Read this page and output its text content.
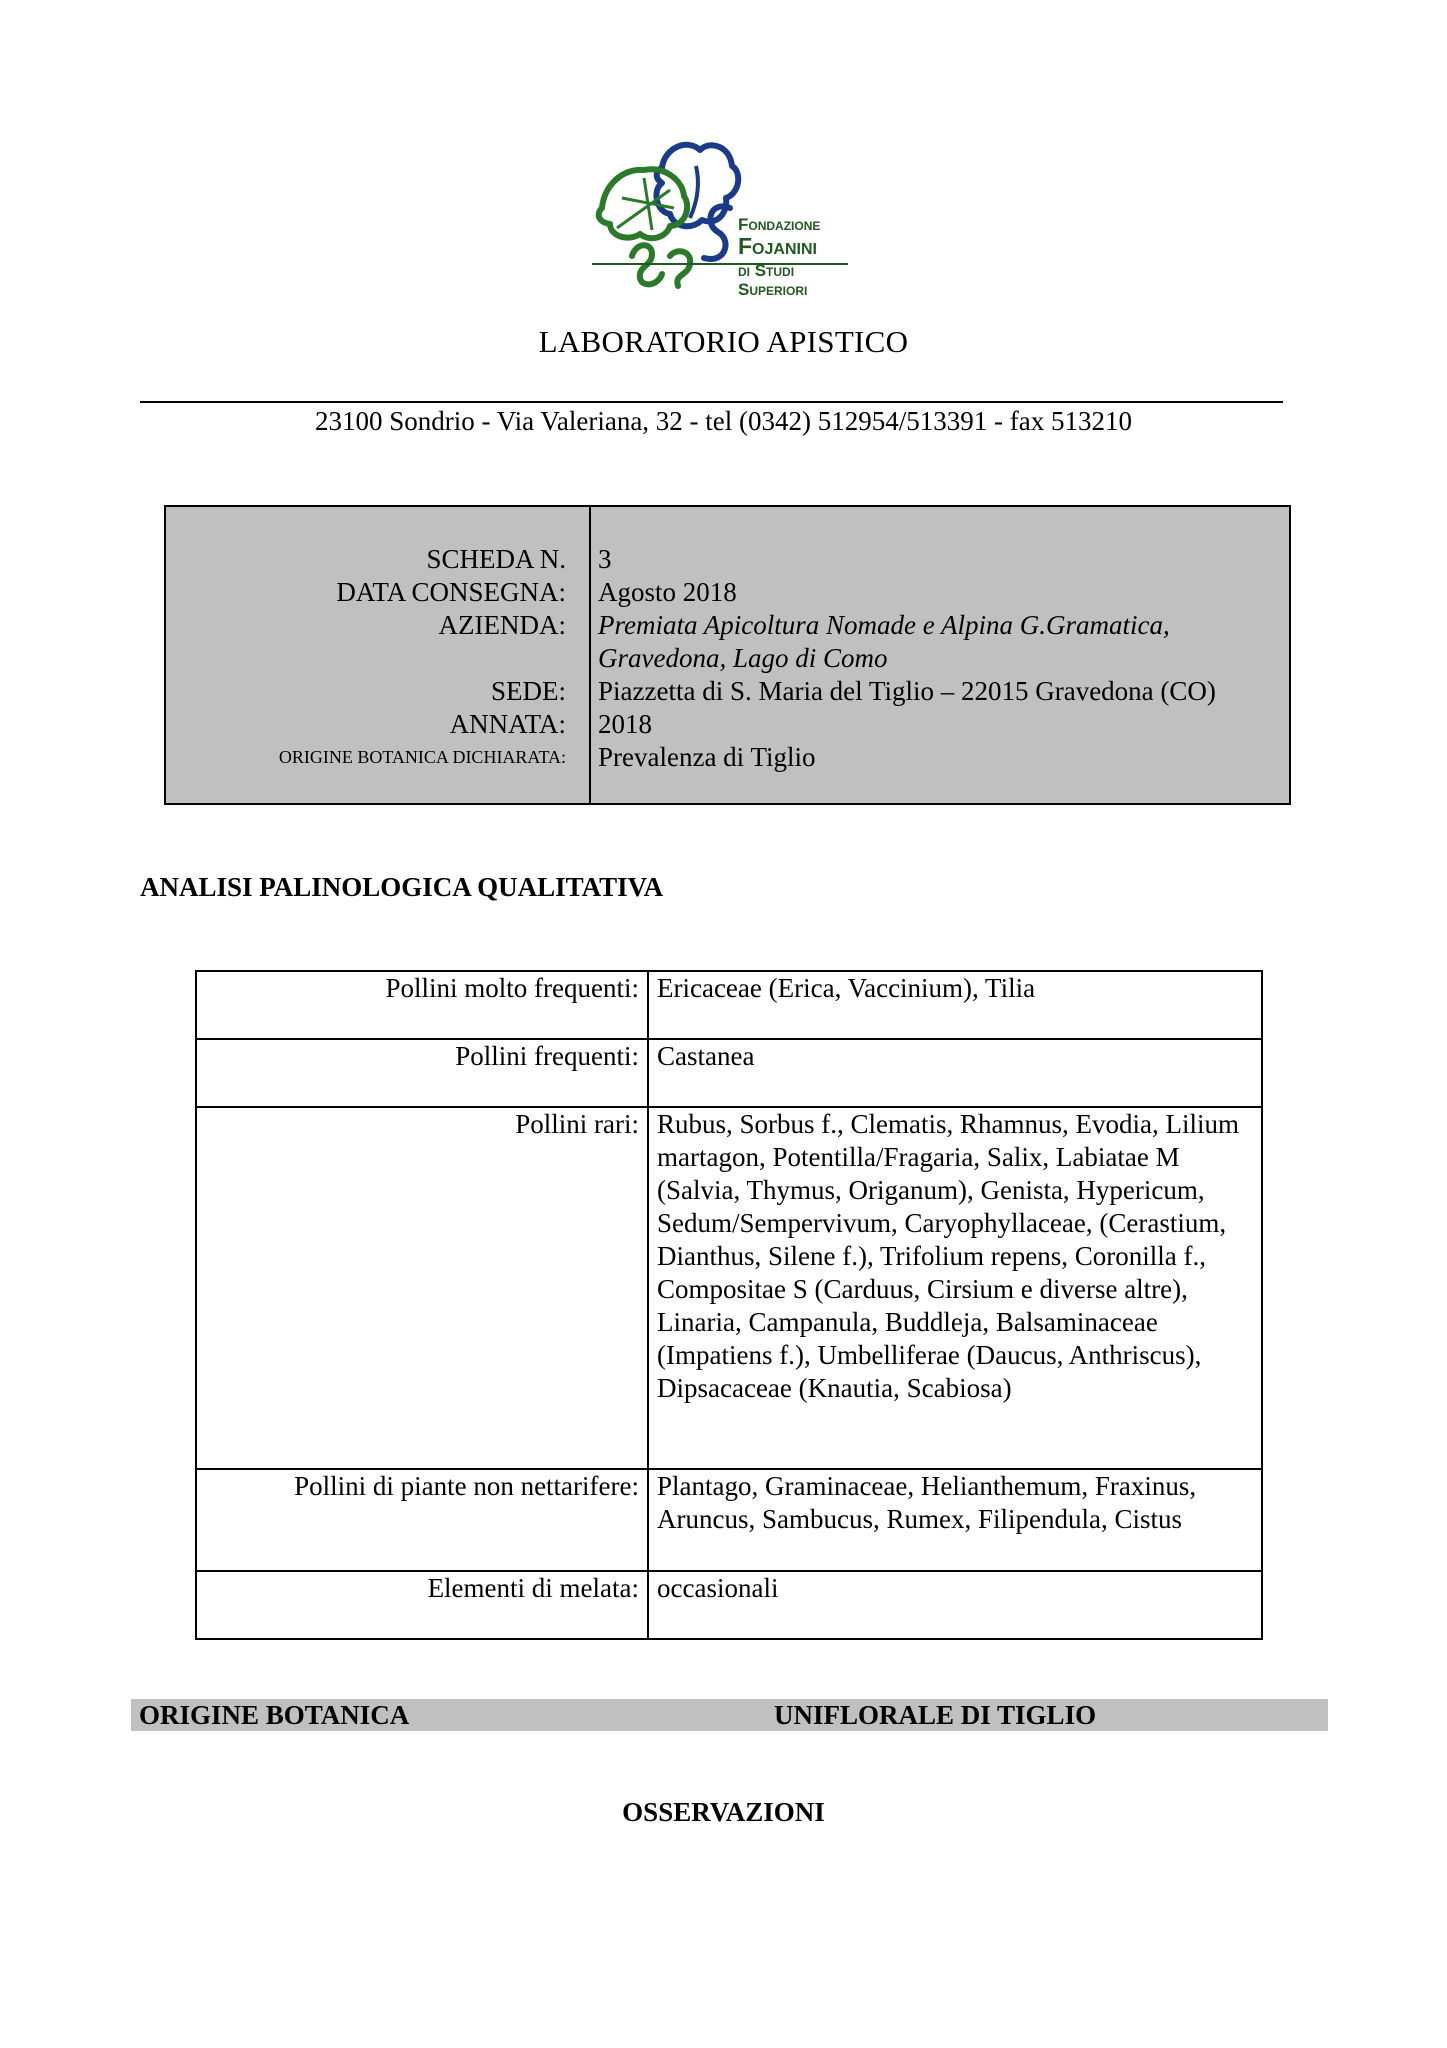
Fondazione
Fojanini
di Studi
Superiori
LABORATORIO APISTICO
23100 Sondrio - Via Valeriana, 32 - tel (0342) 512954/513391 - fax 513210
SCHEDA N. 3
DATA CONSEGNA: Agosto 2018
AZIENDA: Premiata Apicoltura Nomade e Alpina G.Gramatica,
Gravedona, Lago di Como
SEDE: Piazzetta di S. Maria del Tiglio – 22015 Gravedona (CO)
ANNATA: 2018
ORIGINE BOTANICA DICHIARATA: Prevalenza di Tiglio
ANALISI PALINOLOGICA QUALITATIVA
Pollini molto frequenti:	Ericaceae (Erica, Vaccinium), Tilia
Pollini frequenti:	Castanea
Pollini rari:	Rubus, Sorbus f., Clematis, Rhamnus, Evodia, Lilium martagon, Potentilla/Fragaria, Salix, Labiatae M (Salvia, Thymus, Origanum), Genista, Hypericum, Sedum/Sempervivum, Caryophyllaceae, (Cerastium, Dianthus, Silene f.), Trifolium repens, Coronilla f., Compositae S (Carduus, Cirsium e diverse altre), Linaria, Campanula, Buddleja, Balsaminaceae (Impatiens f.), Umbelliferae (Daucus, Anthriscus), Dipsacaceae (Knautia, Scabiosa)
Pollini di piante non nettarifere:	Plantago, Graminaceae, Helianthemum, Fraxinus, Aruncus, Sambucus, Rumex, Filipendula, Cistus
Elementi di melata:	occasionali
ORIGINE BOTANICA	UNIFLORALE DI TIGLIO
OSSERVAZIONI
